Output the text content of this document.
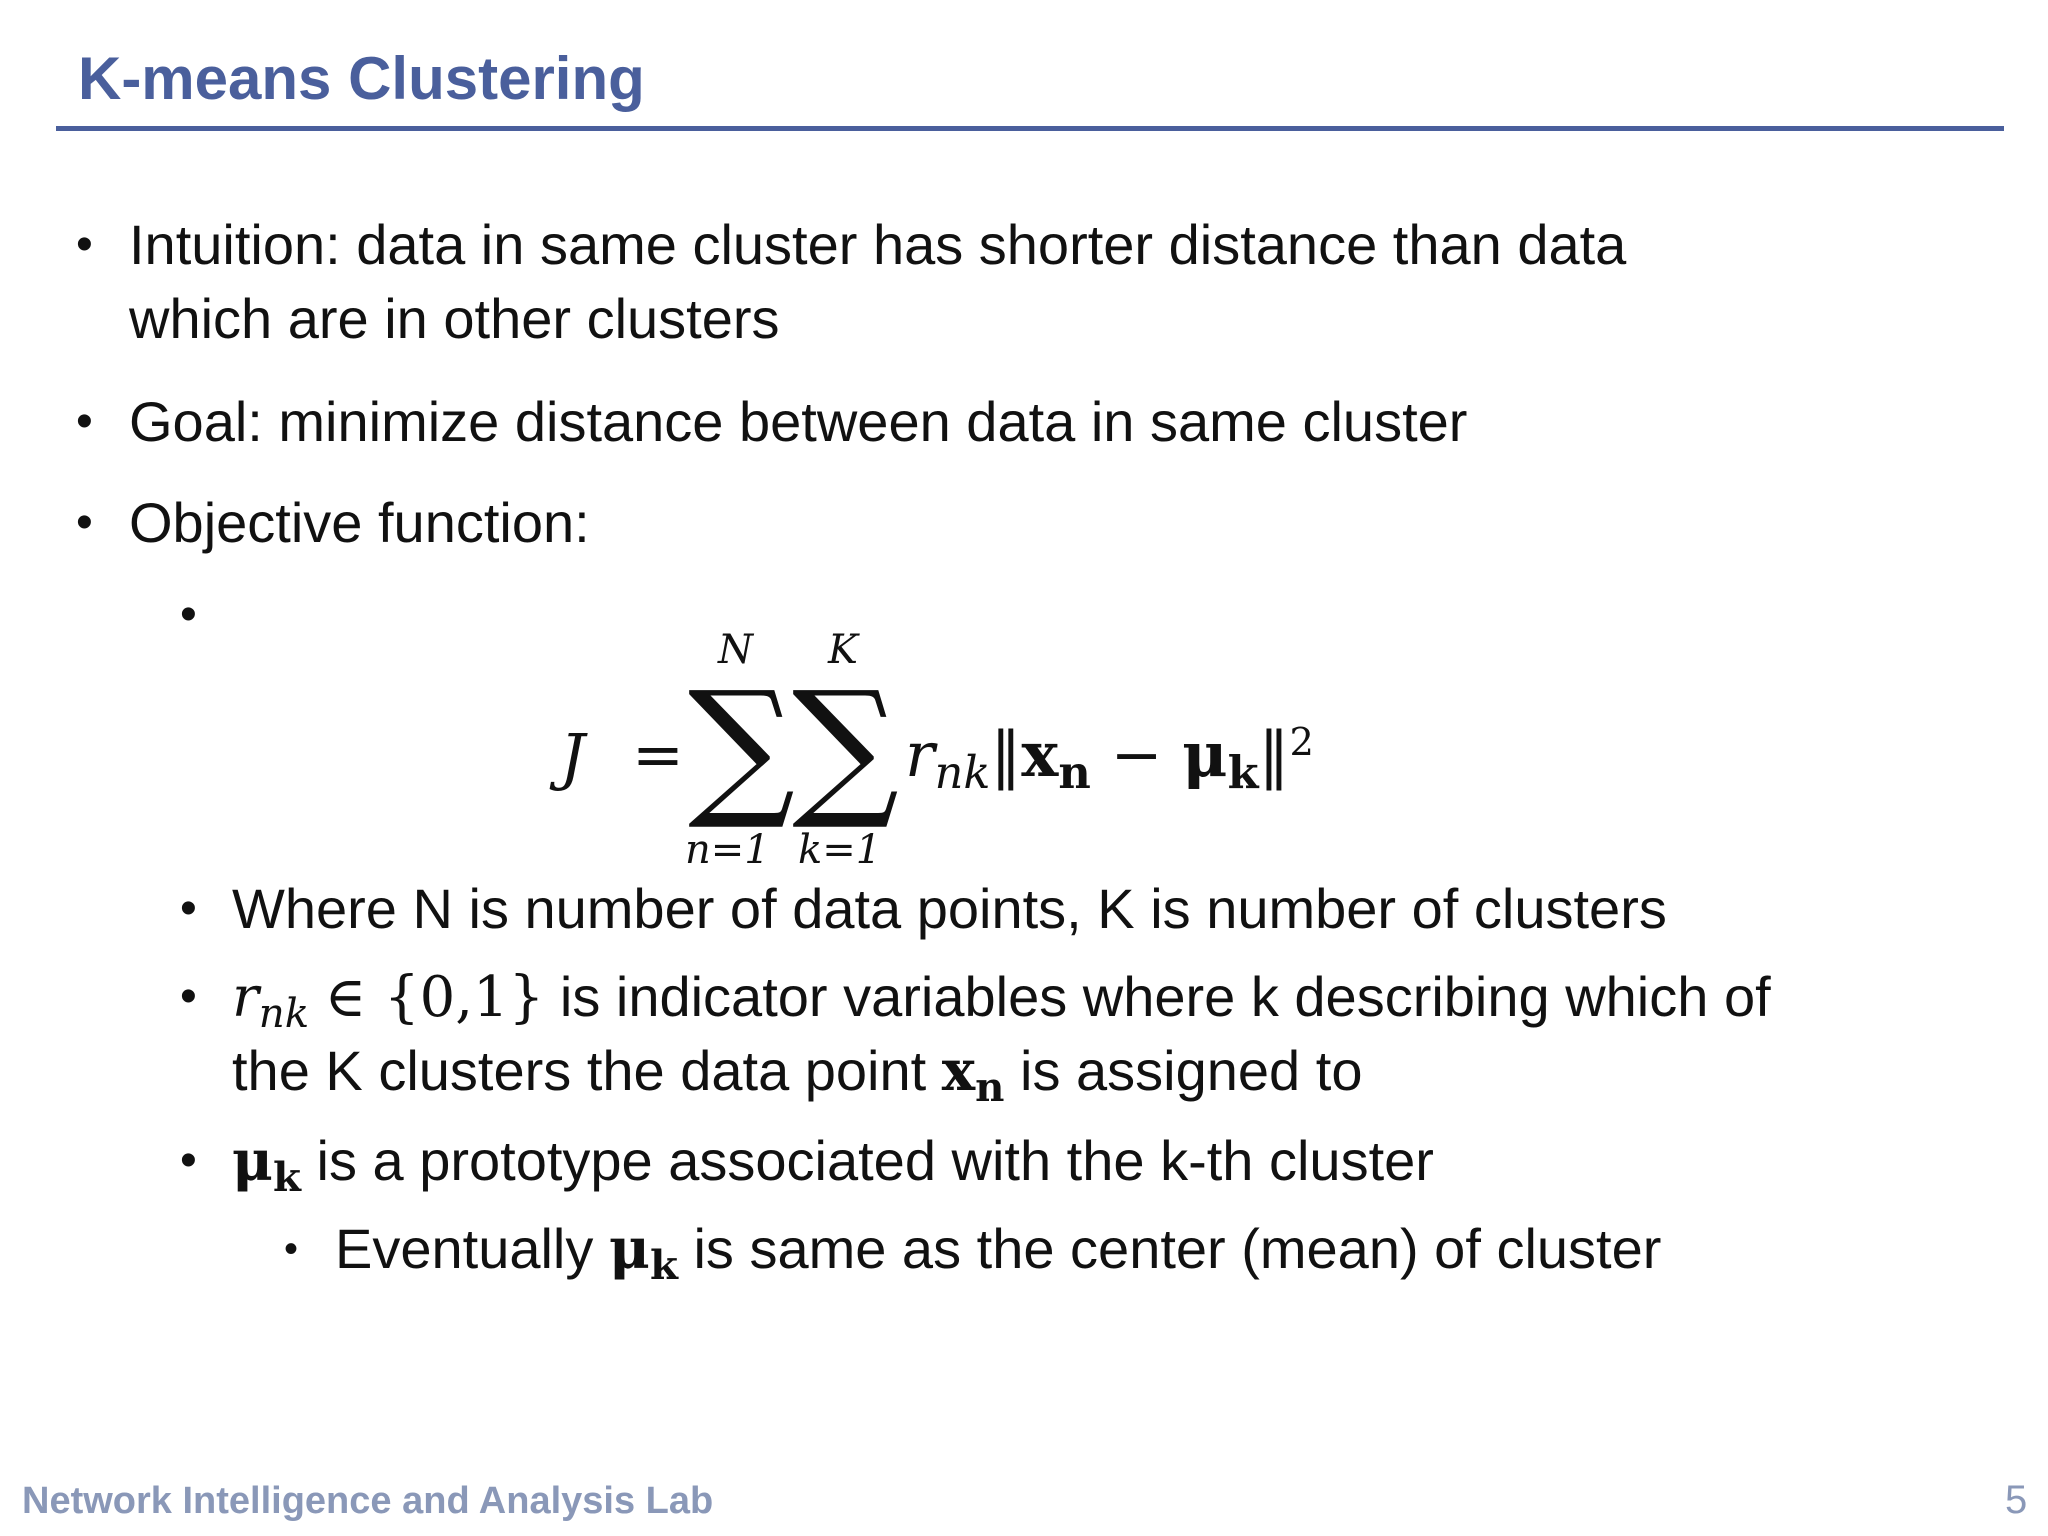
K-means Clustering
• Intuition: data in same cluster has shorter distance than data
which are in other clusters
• Goal: minimize distance between data in same cluster
• Objective function:
•
J =
N
∑
n=1
K
∑
k=1
$r_{nk}‖x_n$ − $\mu_k‖^2$
• Where N is number of data points, K is number of clusters
• $r_{nk}$ ∈ {0,1} is indicator variables where k describing which of
the K clusters the data point $x_n$ is assigned to
• $\mu_k$ is a prototype associated with the k-th cluster
• Eventually $\mu_k$ is same as the center (mean) of cluster
Network Intelligence and Analysis Lab	5
